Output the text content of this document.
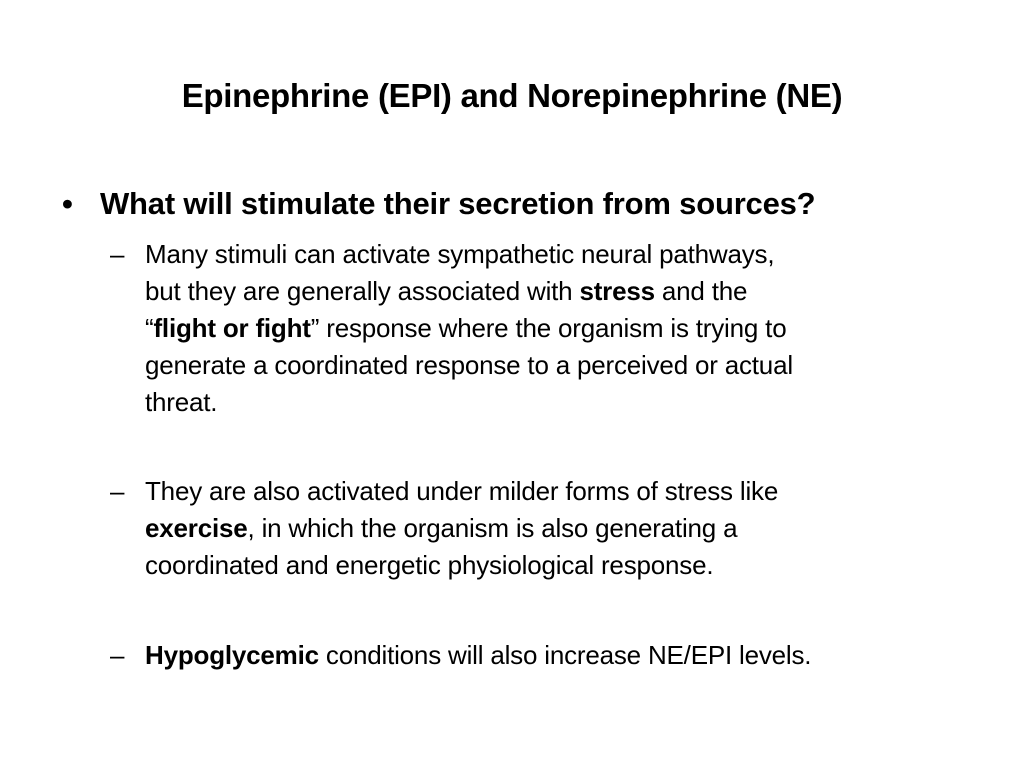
Epinephrine (EPI) and Norepinephrine (NE)
• What will stimulate their secretion from sources?
– Many stimuli can activate sympathetic neural pathways,
but they are generally associated with stress and the
“flight or fight” response where the organism is trying to
generate a coordinated response to a perceived or actual
threat.
– They are also activated under milder forms of stress like
exercise, in which the organism is also generating a
coordinated and energetic physiological response.
– Hypoglycemic conditions will also increase NE/EPI levels.
